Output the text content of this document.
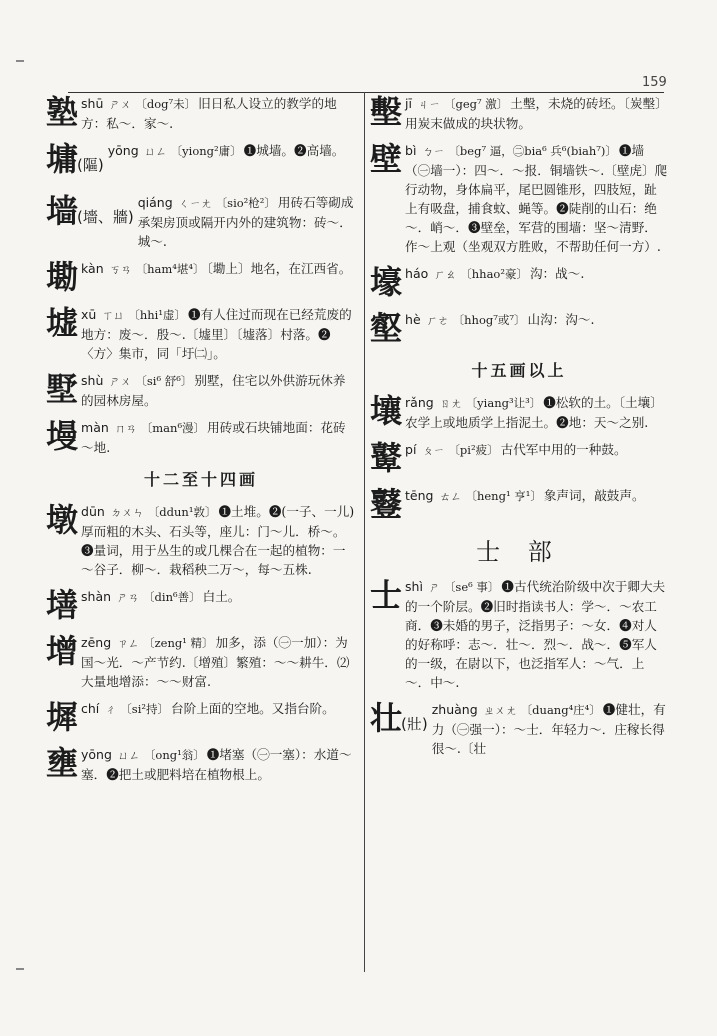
159
塾 shū ㄕㄨ 〔dog⁷未〕 旧日私人设立的教学的地方：私～．家～.
墉(䧢)
yōng ㄩㄥ 〔yiong²庸〕 ❶城墙。❷高墙。
墙(墻、牆)
qiáng ㄑㄧㄤ 〔sio²枪²〕 用砖石等砌成承架房顶或隔开内外的建筑物：砖～．城～.
墈 kàn ㄎㄢ 〔ham⁴堪⁴〕 〔墈上〕地名，在江西省。
墟 xū ㄒㄩ 〔hhi¹虚〕 ❶有人住过而现在已经荒废的地方：废～．殷～.〔墟里〕〔墟落〕村落。❷〈方〉集市，同「圩㈡」。
墅 shù ㄕㄨ 〔si⁶ 舒⁶〕 别墅，住宅以外供游玩休养的园林房屋。
墁 màn ㄇㄢ 〔man⁶漫〕 用砖或石块铺地面：花砖～地.
十二至十四画
墩 dūn ㄉㄨㄣ 〔ddun¹敦〕 ❶土堆。❷(一子、一儿)厚而粗的木头、石头等，座儿：门～儿．桥～。❸量词，用于丛生的或几棵合在一起的植物：一～谷子．柳～．栽稻秧二万～，每～五株.
墡 shàn ㄕㄢ 〔din⁶善〕 白土。
增 zēng ㄗㄥ 〔zeng¹ 精〕 加多，添（㊀一加）：为国～光．～产节约.〔增殖〕繁殖：～～耕牛．⑵大量地增添：～～财富.
墀 chí ㄔ 〔si²持〕 台阶上面的空地。又指台阶。
壅 yōng ㄩㄥ 〔ong¹翁〕 ❶堵塞（㊀一塞）：水道～塞．❷把土或肥料培在植物根上。
墼 jī ㄐㄧ 〔geg⁷ 激〕 土墼，未烧的砖坯。〔炭墼〕用炭末做成的块状物。
壁 bì ㄅㄧ 〔beg⁷ 逼，㊁bia⁶ 兵⁶(biah⁷)〕 ❶墙（㊀墙一）：四～．～报．铜墙铁～.〔壁虎〕爬行动物，身体扁平，尾巴圆锥形，四肢短，趾上有吸盘，捕食蚊、蝇等。❷陡削的山石：绝～．峭～．❸壁垒，军营的围墙：坚～清野．作～上观（坐观双方胜败，不帮助任何一方）.
壕 háo ㄏㄠ 〔hhao²豪〕 沟：战～.
壑 hè ㄏㄜ 〔hhog⁷或⁷〕 山沟：沟～.
十五画以上
壤 rǎng ㄖㄤ 〔yiang³让³〕 ❶松软的土。〔土壤〕农学上或地质学上指泥土。❷地：天～之别.
鼙 pí ㄆㄧ 〔pi²疲〕 古代军中用的一种鼓。
鼟 tēng ㄊㄥ 〔heng¹ 亨¹〕 象声词，敲鼓声。
士 部
士 shì ㄕ 〔se⁶ 事〕 ❶古代统治阶级中次于卿大夫的一个阶层。❷旧时指读书人：学～．～农工商．❸未婚的男子，泛指男子：～女．❹对人的好称呼：志～．壮～．烈～．战～．❺军人的一级，在尉以下，也泛指军人：～气．上～．中～.
壮(壯)
zhuàng ㄓㄨㄤ 〔duang⁴庄⁴〕 ❶健壮，有力（㊀强一）：～士．年轻力～．庄稼长得很～.〔壮
